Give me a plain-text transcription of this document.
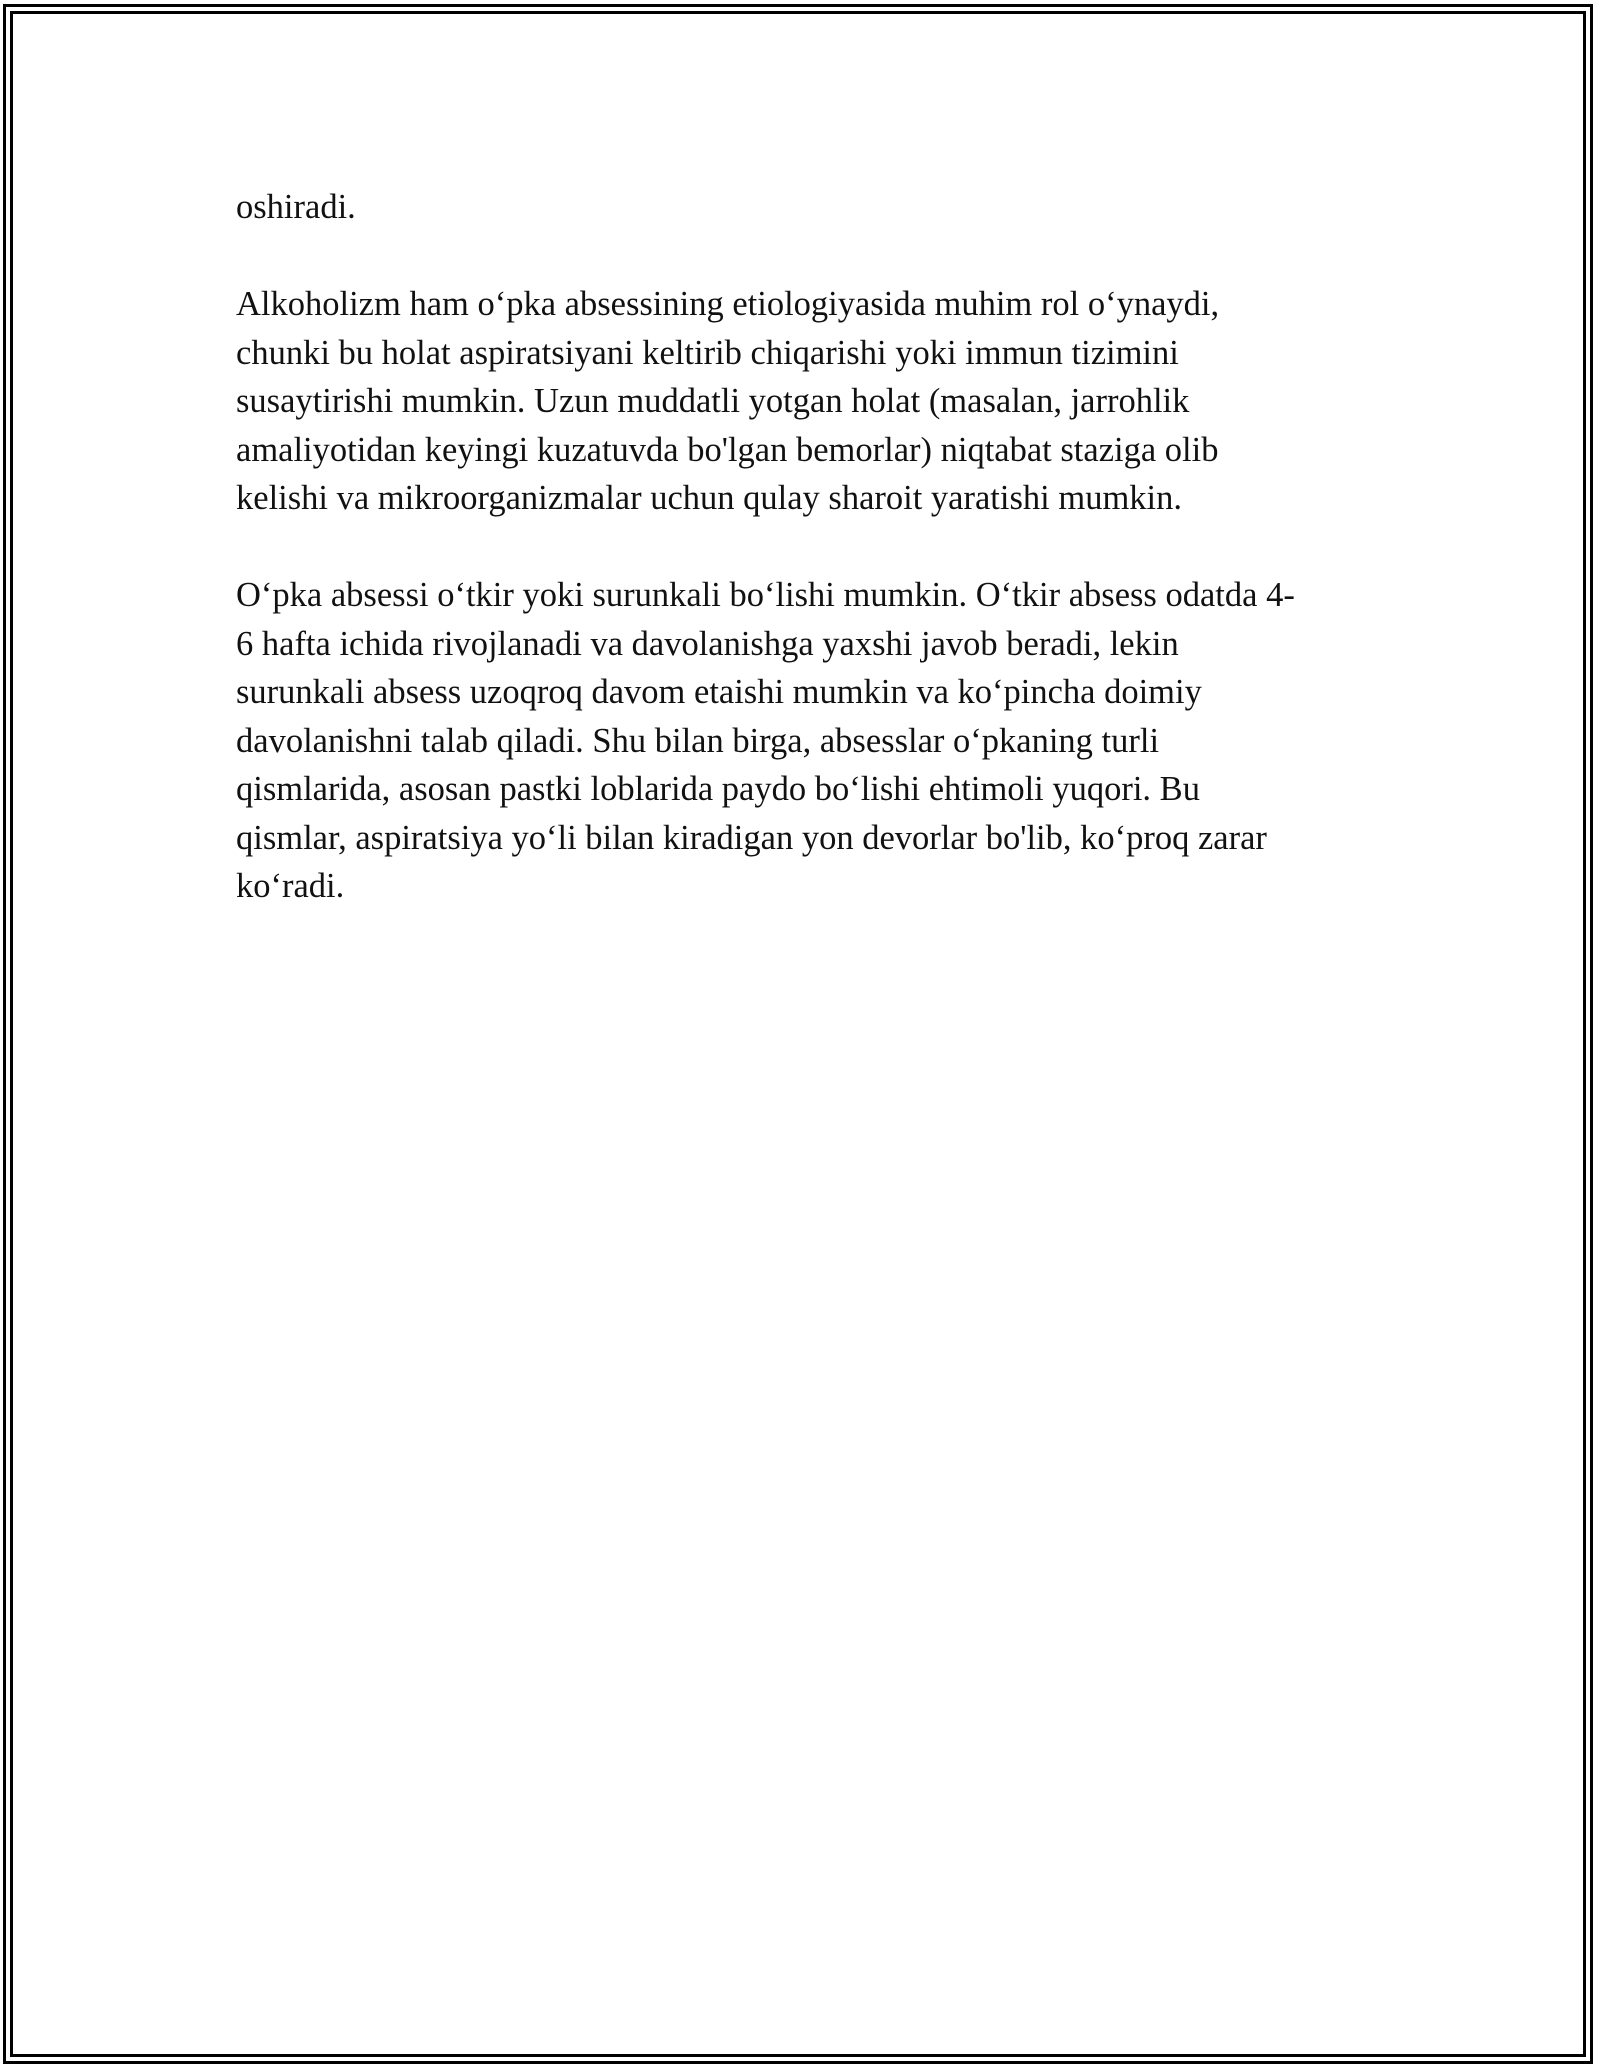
oshiradi.

Alkoholizm ham o‘pka absessining etiologiyasida muhim rol o‘ynaydi,
chunki bu holat aspiratsiyani keltirib chiqarishi yoki immun tizimini
susaytirishi mumkin. Uzun muddatli yotgan holat (masalan, jarrohlik
amaliyotidan keyingi kuzatuvda bo'lgan bemorlar) niqtabat staziga olib
kelishi va mikroorganizmalar uchun qulay sharoit yaratishi mumkin.

O‘pka absessi o‘tkir yoki surunkali bo‘lishi mumkin. O‘tkir absess odatda 4-
6 hafta ichida rivojlanadi va davolanishga yaxshi javob beradi, lekin
surunkali absess uzoqroq davom etaishi mumkin va ko‘pincha doimiy
davolanishni talab qiladi. Shu bilan birga, absesslar o‘pkaning turli
qismlarida, asosan pastki loblarida paydo bo‘lishi ehtimoli yuqori. Bu
qismlar, aspiratsiya yo‘li bilan kiradigan yon devorlar bo'lib, ko‘proq zarar
ko‘radi.
